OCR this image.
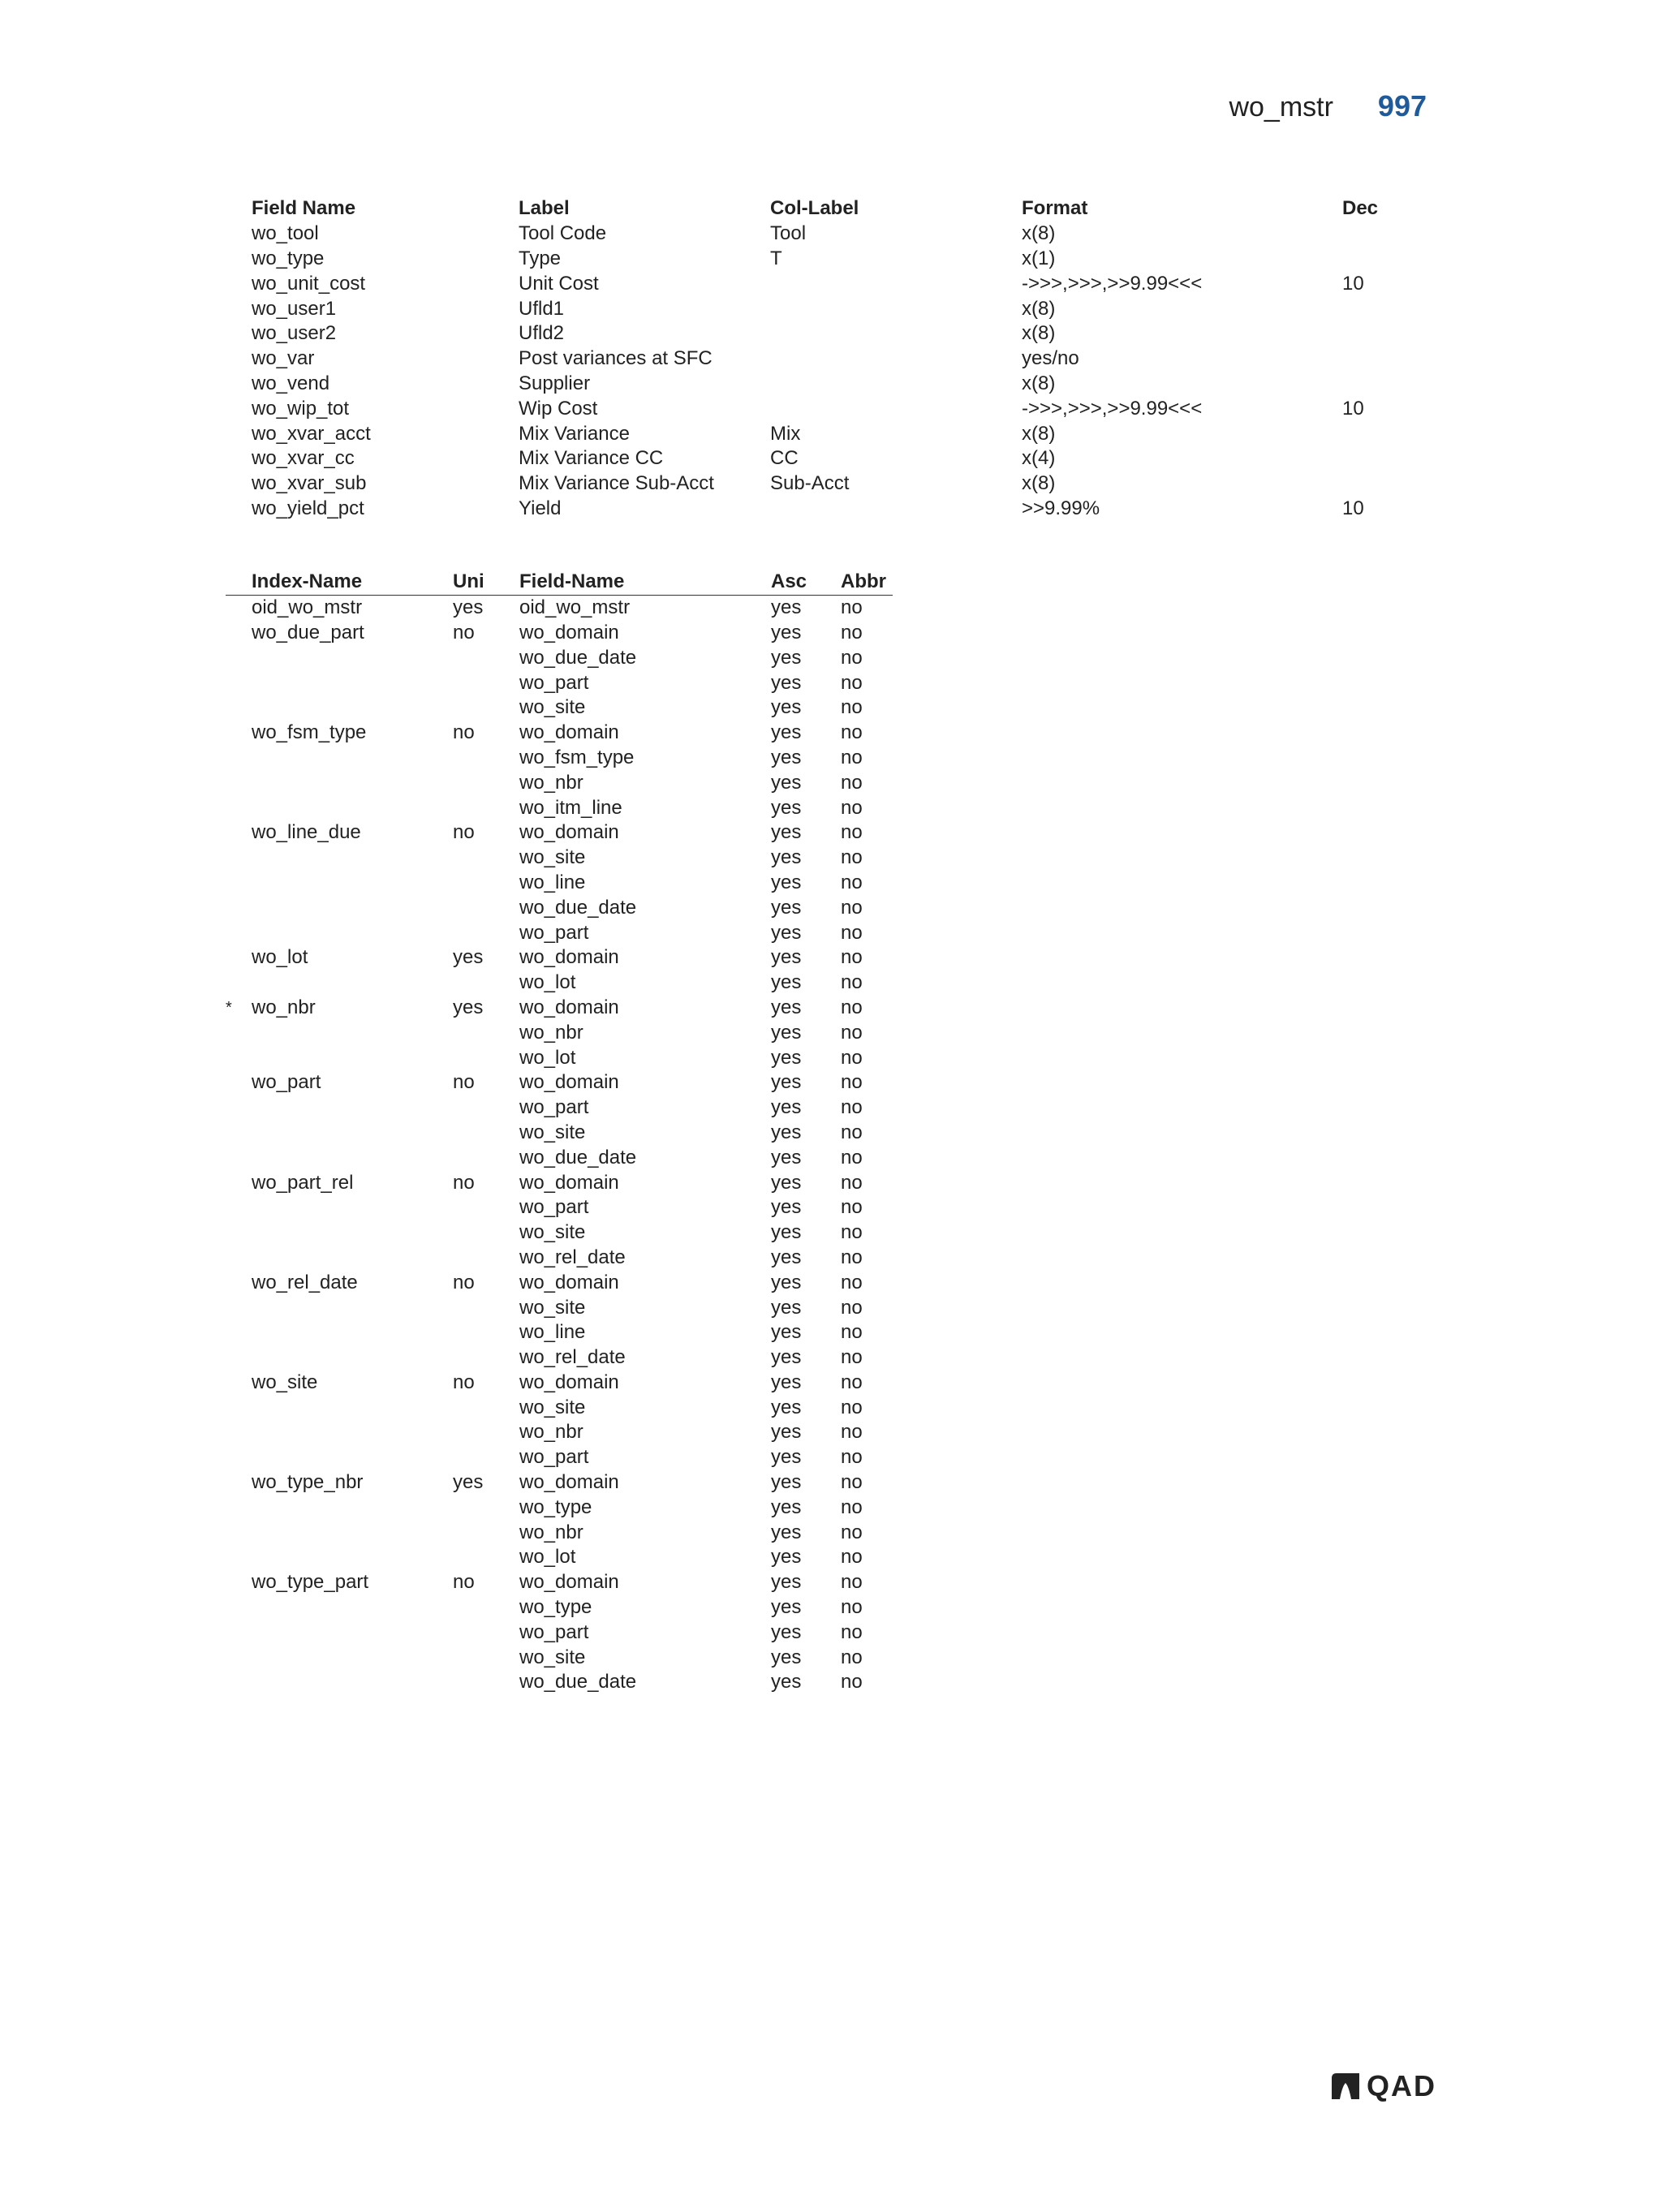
wo_mstr 997
Field Name	Label	Col-Label	Format	Dec
wo_tool	Tool Code	Tool	x(8)	
wo_type	Type	T	x(1)	
wo_unit_cost	Unit Cost		->>>,>>>,>>9.99<<<	10
wo_user1	Ufld1		x(8)	
wo_user2	Ufld2		x(8)	
wo_var	Post variances at SFC		yes/no	
wo_vend	Supplier		x(8)	
wo_wip_tot	Wip Cost		->>>,>>>,>>9.99<<<	10
wo_xvar_acct	Mix Variance	Mix	x(8)	
wo_xvar_cc	Mix Variance CC	CC	x(4)	
wo_xvar_sub	Mix Variance Sub-Acct	Sub-Acct	x(8)	
wo_yield_pct	Yield		>>9.99%	10
	Index-Name	Uni	Field-Name	Asc	Abbr
	oid_wo_mstr	yes	oid_wo_mstr	yes	no
	wo_due_part	no	wo_domain	yes	no
			wo_due_date	yes	no
			wo_part	yes	no
			wo_site	yes	no
	wo_fsm_type	no	wo_domain	yes	no
			wo_fsm_type	yes	no
			wo_nbr	yes	no
			wo_itm_line	yes	no
	wo_line_due	no	wo_domain	yes	no
			wo_site	yes	no
			wo_line	yes	no
			wo_due_date	yes	no
			wo_part	yes	no
	wo_lot	yes	wo_domain	yes	no
			wo_lot	yes	no
*	wo_nbr	yes	wo_domain	yes	no
			wo_nbr	yes	no
			wo_lot	yes	no
	wo_part	no	wo_domain	yes	no
			wo_part	yes	no
			wo_site	yes	no
			wo_due_date	yes	no
	wo_part_rel	no	wo_domain	yes	no
			wo_part	yes	no
			wo_site	yes	no
			wo_rel_date	yes	no
	wo_rel_date	no	wo_domain	yes	no
			wo_site	yes	no
			wo_line	yes	no
			wo_rel_date	yes	no
	wo_site	no	wo_domain	yes	no
			wo_site	yes	no
			wo_nbr	yes	no
			wo_part	yes	no
	wo_type_nbr	yes	wo_domain	yes	no
			wo_type	yes	no
			wo_nbr	yes	no
			wo_lot	yes	no
	wo_type_part	no	wo_domain	yes	no
			wo_type	yes	no
			wo_part	yes	no
			wo_site	yes	no
			wo_due_date	yes	no
QAD
